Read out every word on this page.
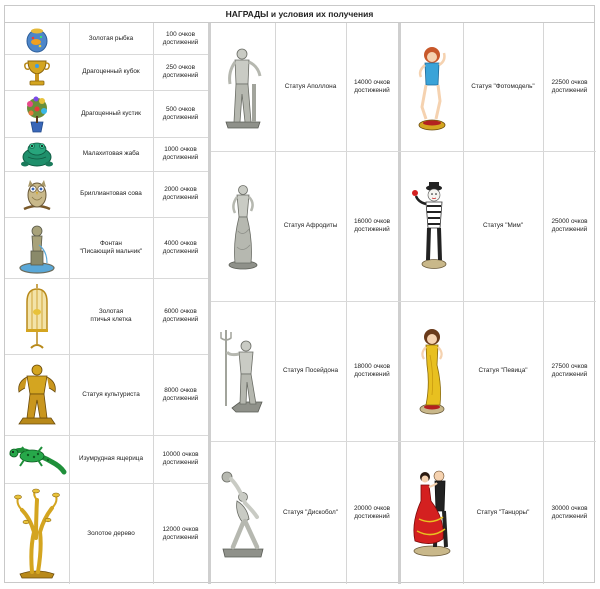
НАГРАДЫ и условия их получения
Золотая рыбка
100 очков
достижений
Драгоценный кубок
250 очков
достижений
Драгоценный кустик
500 очков
достижений
Малахитовая жаба
1000 очков
достижений
Бриллиантовая сова
2000 очков
достижений
Фонтан
"Писающий мальчик"
4000 очков
достижений
Золотая
птичья клетка
6000 очков
достижений
Статуя культуриста
8000 очков
достижений
Изумрудная ящерица
10000 очков
достижений
Золотое дерево
12000 очков
достижений
Статуя Аполлона
14000 очков
достижений
Статуя Афродиты
16000 очков
достижений
Статуя Посейдона
18000 очков
достижений
Статуя "Дискобол"
20000 очков
достижений
Статуя "Фотомодель"
22500 очков
достижений
Статуя "Мим"
25000 очков
достижений
Статуя "Певица"
27500 очков
достижений
Статуя "Танцоры"
30000 очков
достижений
